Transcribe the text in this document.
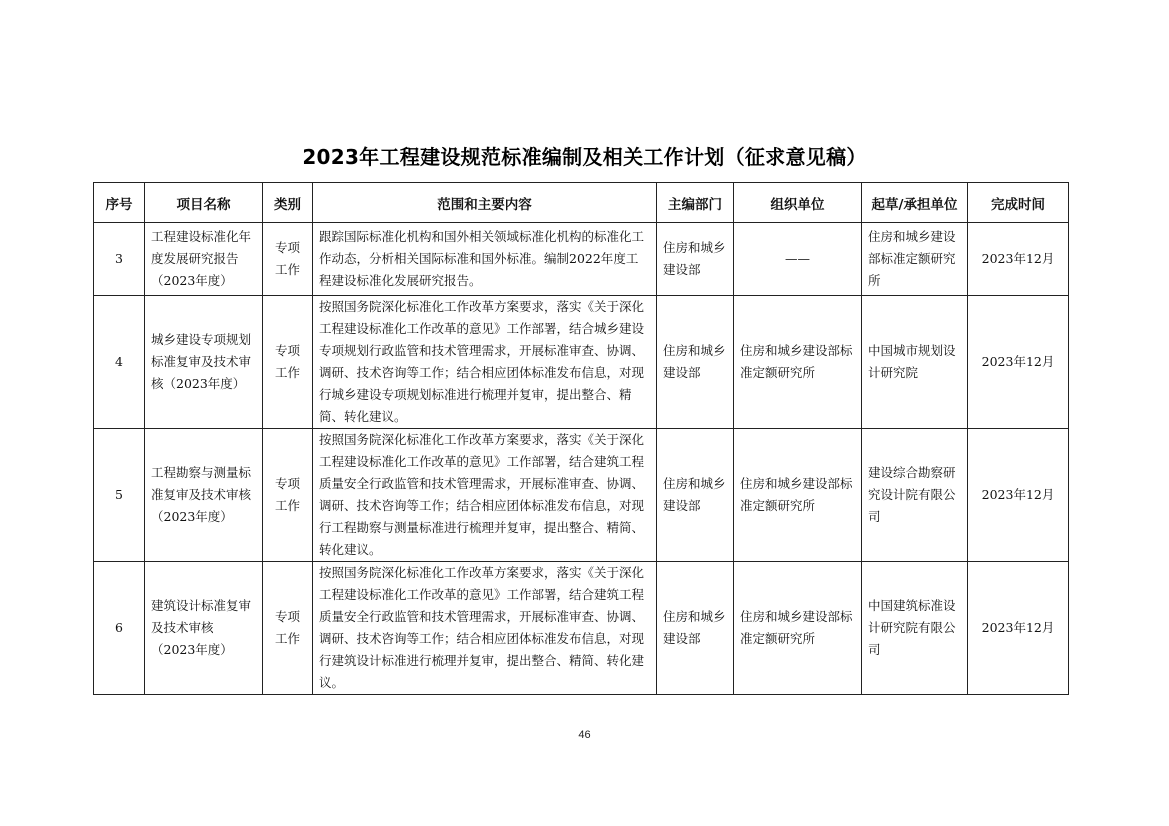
2023年工程建设规范标准编制及相关工作计划（征求意见稿）
序号	项目名称	类别	范围和主要内容	主编部门	组织单位	起草/承担单位	完成时间
3	工程建设标准化年度发展研究报告（2023年度）	专项工作	跟踪国际标准化机构和国外相关领域标准化机构的标准化工作动态，分析相关国际标准和国外标准。编制2022年度工程建设标准化发展研究报告。	住房和城乡建设部	——	住房和城乡建设部标准定额研究所	2023年12月
4	城乡建设专项规划标准复审及技术审核（2023年度）	专项工作	按照国务院深化标准化工作改革方案要求，落实《关于深化工程建设标准化工作改革的意见》工作部署，结合城乡建设专项规划行政监管和技术管理需求，开展标准审查、协调、调研、技术咨询等工作；结合相应团体标准发布信息，对现行城乡建设专项规划标准进行梳理并复审，提出整合、精简、转化建议。	住房和城乡建设部	住房和城乡建设部标准定额研究所	中国城市规划设计研究院	2023年12月
5	工程勘察与测量标准复审及技术审核（2023年度）	专项工作	按照国务院深化标准化工作改革方案要求，落实《关于深化工程建设标准化工作改革的意见》工作部署，结合建筑工程质量安全行政监管和技术管理需求，开展标准审查、协调、调研、技术咨询等工作；结合相应团体标准发布信息，对现行工程勘察与测量标准进行梳理并复审，提出整合、精简、转化建议。	住房和城乡建设部	住房和城乡建设部标准定额研究所	建设综合勘察研究设计院有限公司	2023年12月
6	建筑设计标准复审及技术审核（2023年度）	专项工作	按照国务院深化标准化工作改革方案要求，落实《关于深化工程建设标准化工作改革的意见》工作部署，结合建筑工程质量安全行政监管和技术管理需求，开展标准审查、协调、调研、技术咨询等工作；结合相应团体标准发布信息，对现行建筑设计标准进行梳理并复审，提出整合、精简、转化建议。	住房和城乡建设部	住房和城乡建设部标准定额研究所	中国建筑标准设计研究院有限公司	2023年12月
46
